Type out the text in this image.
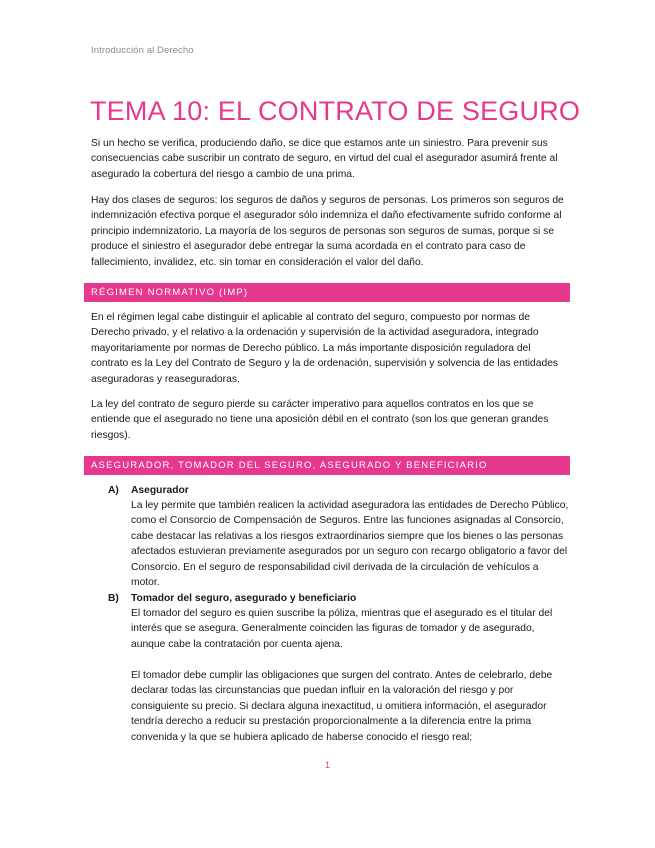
Introducción al Derecho
TEMA 10: EL CONTRATO DE SEGURO

Si un hecho se verifica, produciendo daño, se dice que estamos ante un siniestro. Para prevenir sus consecuencias cabe suscribir un contrato de seguro, en virtud del cual el asegurador asumirá frente al asegurado la cobertura del riesgo a cambio de una prima.

Hay dos clases de seguros: los seguros de daños y seguros de personas. Los primeros son seguros de indemnización efectiva porque el asegurador sólo indemniza el daño efectivamente sufrido conforme al principio indemnizatorio. La mayoría de los seguros de personas son seguros de sumas, porque si se produce el siniestro el asegurador debe entregar la suma acordada en el contrato para caso de fallecimiento, invalidez, etc. sin tomar en consideración el valor del daño.

RÉGIMEN NORMATIVO (IMP)

En el régimen legal cabe distinguir el aplicable al contrato del seguro, compuesto por normas de Derecho privado, y el relativo a la ordenación y supervisión de la actividad aseguradora, integrado mayoritariamente por normas de Derecho público. La más importante disposición reguladora del contrato es la Ley del Contrato de Seguro y la de ordenación, supervisión y solvencia de las entidades aseguradoras y reaseguradoras.

La ley del contrato de seguro pierde su carácter imperativo para aquellos contratos en los que se entiende que el asegurado no tiene una aposición débil en el contrato (son los que generan grandes riesgos).

ASEGURADOR, TOMADOR DEL SEGURO, ASEGURADO Y BENEFICIARIO
A) Asegurador

La ley permite que también realicen la actividad aseguradora las entidades de Derecho Público, como el Consorcio de Compensación de Seguros. Entre las funciones asignadas al Consorcio, cabe destacar las relativas a los riesgos extraordinarios siempre que los bienes o las personas afectados estuvieran previamente asegurados por un seguro con recargo obligatorio a favor del Consorcio. En el seguro de responsabilidad civil derivada de la circulación de vehículos a motor.

B) Tomador del seguro, asegurado y beneficiario

El tomador del seguro es quien suscribe la póliza, mientras que el asegurado es el titular del interés que se asegura. Generalmente coinciden las figuras de tomador y de asegurado, aunque cabe la contratación por cuenta ajena.

El tomador debe cumplir las obligaciones que surgen del contrato. Antes de celebrarlo, debe declarar todas las circunstancias que puedan influir en la valoración del riesgo y por consiguiente su precio. Si declara alguna inexactitud, u omitiera información, el asegurador tendría derecho a reducir su prestación proporcionalmente a la diferencia entre la prima convenida y la que se hubiera aplicado de haberse conocido el riesgo real;

1
